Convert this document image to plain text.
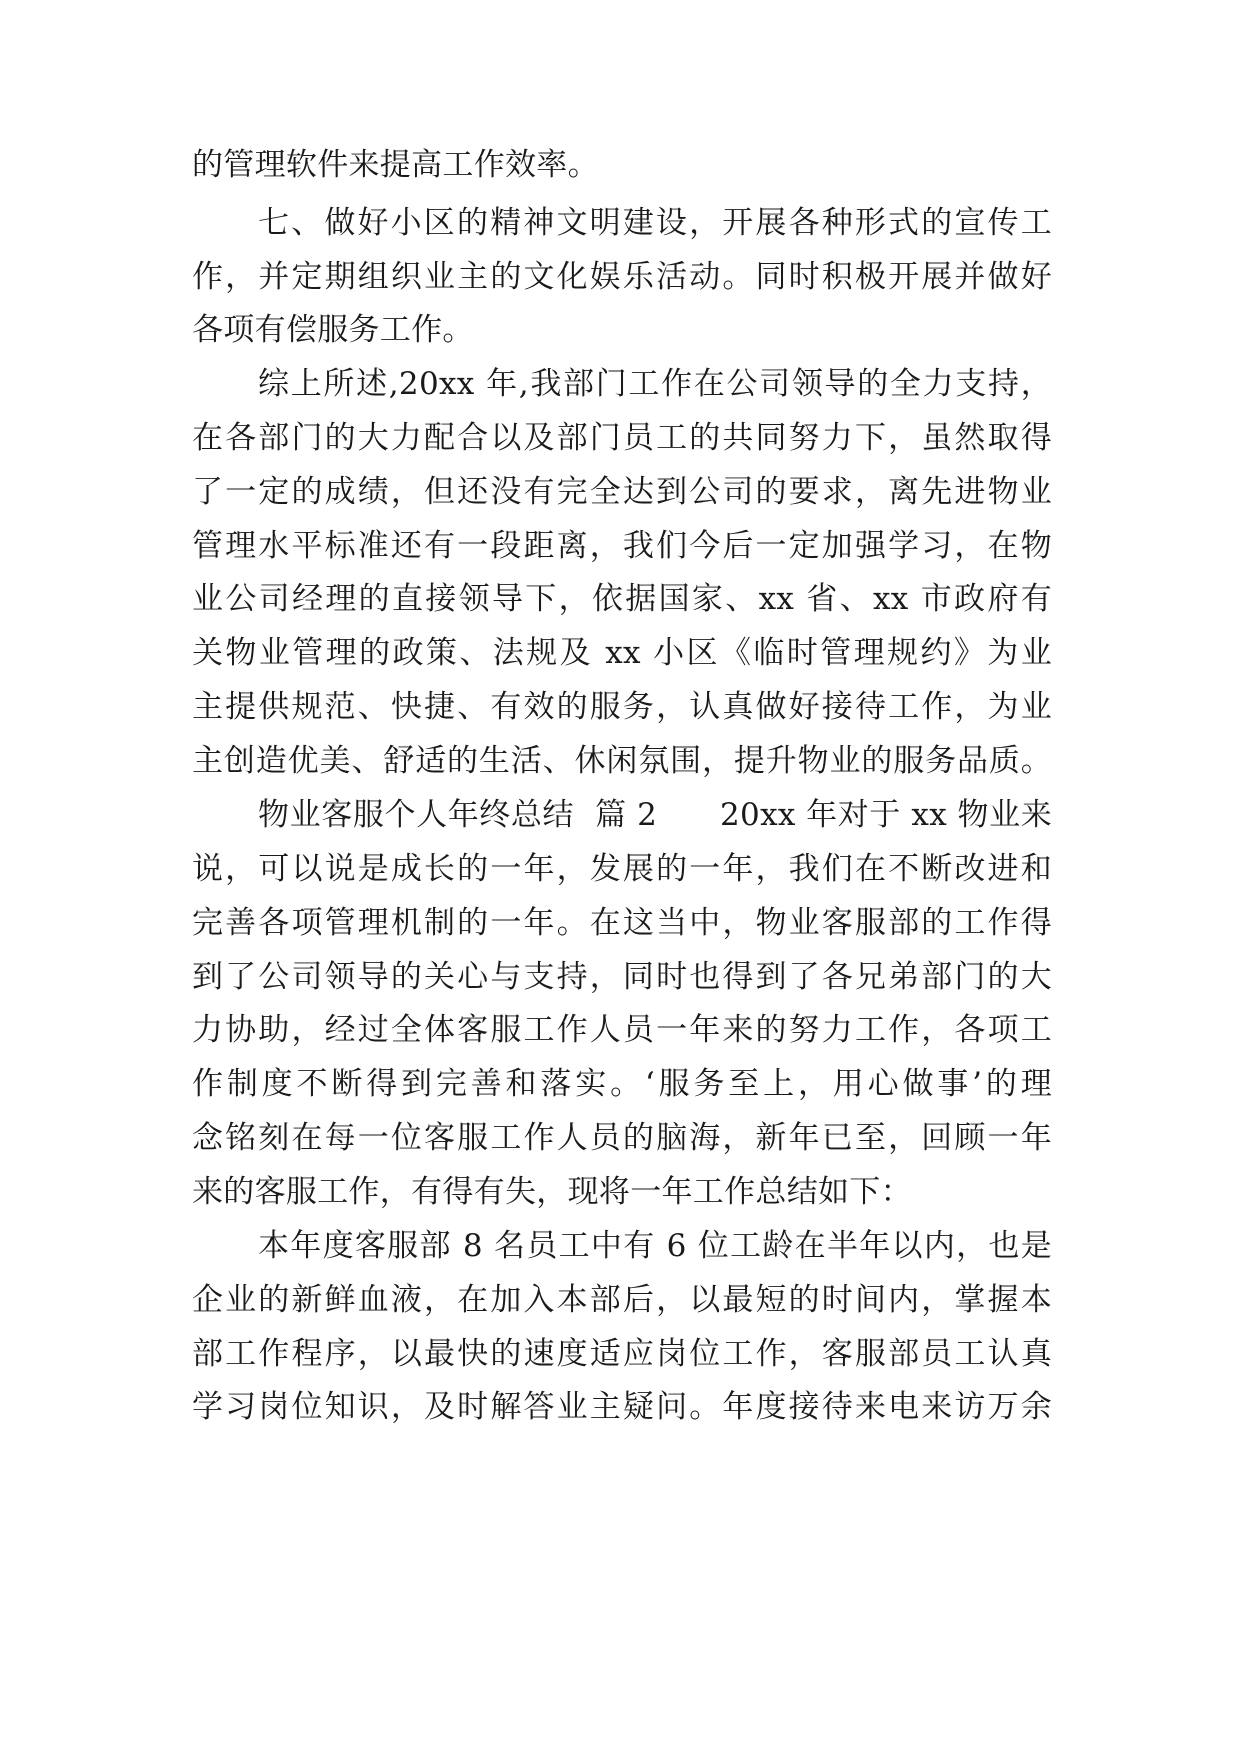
的管理软件来提高工作效率。
七、做好小区的精神文明建设，开展各种形式的宣传工
作，并定期组织业主的文化娱乐活动。同时积极开展并做好
各项有偿服务工作。
综上所述,20xx 年,我部门工作在公司领导的全力支持，
在各部门的大力配合以及部门员工的共同努力下，虽然取得
了一定的成绩，但还没有完全达到公司的要求，离先进物业
管理水平标准还有一段距离，我们今后一定加强学习，在物
业公司经理的直接领导下，依据国家、xx 省、xx 市政府有
关物业管理的政策、法规及 xx 小区《临时管理规约》为业
主提供规范、快捷、有效的服务，认真做好接待工作，为业
主创造优美、舒适的生活、休闲氛围，提升物业的服务品质。
物业客服个人年终总结  篇 2      20xx 年对于 xx 物业来
说，可以说是成长的一年，发展的一年，我们在不断改进和
完善各项管理机制的一年。在这当中，物业客服部的工作得
到了公司领导的关心与支持，同时也得到了各兄弟部门的大
力协助，经过全体客服工作人员一年来的努力工作，各项工
作制度不断得到完善和落实。‘服务至上，用心做事’的理
念铭刻在每一位客服工作人员的脑海，新年已至，回顾一年
来的客服工作，有得有失，现将一年工作总结如下：
本年度客服部 8 名员工中有 6 位工龄在半年以内，也是
企业的新鲜血液，在加入本部后，以最短的时间内，掌握本
部工作程序，以最快的速度适应岗位工作，客服部员工认真
学习岗位知识，及时解答业主疑问。年度接待来电来访万余
